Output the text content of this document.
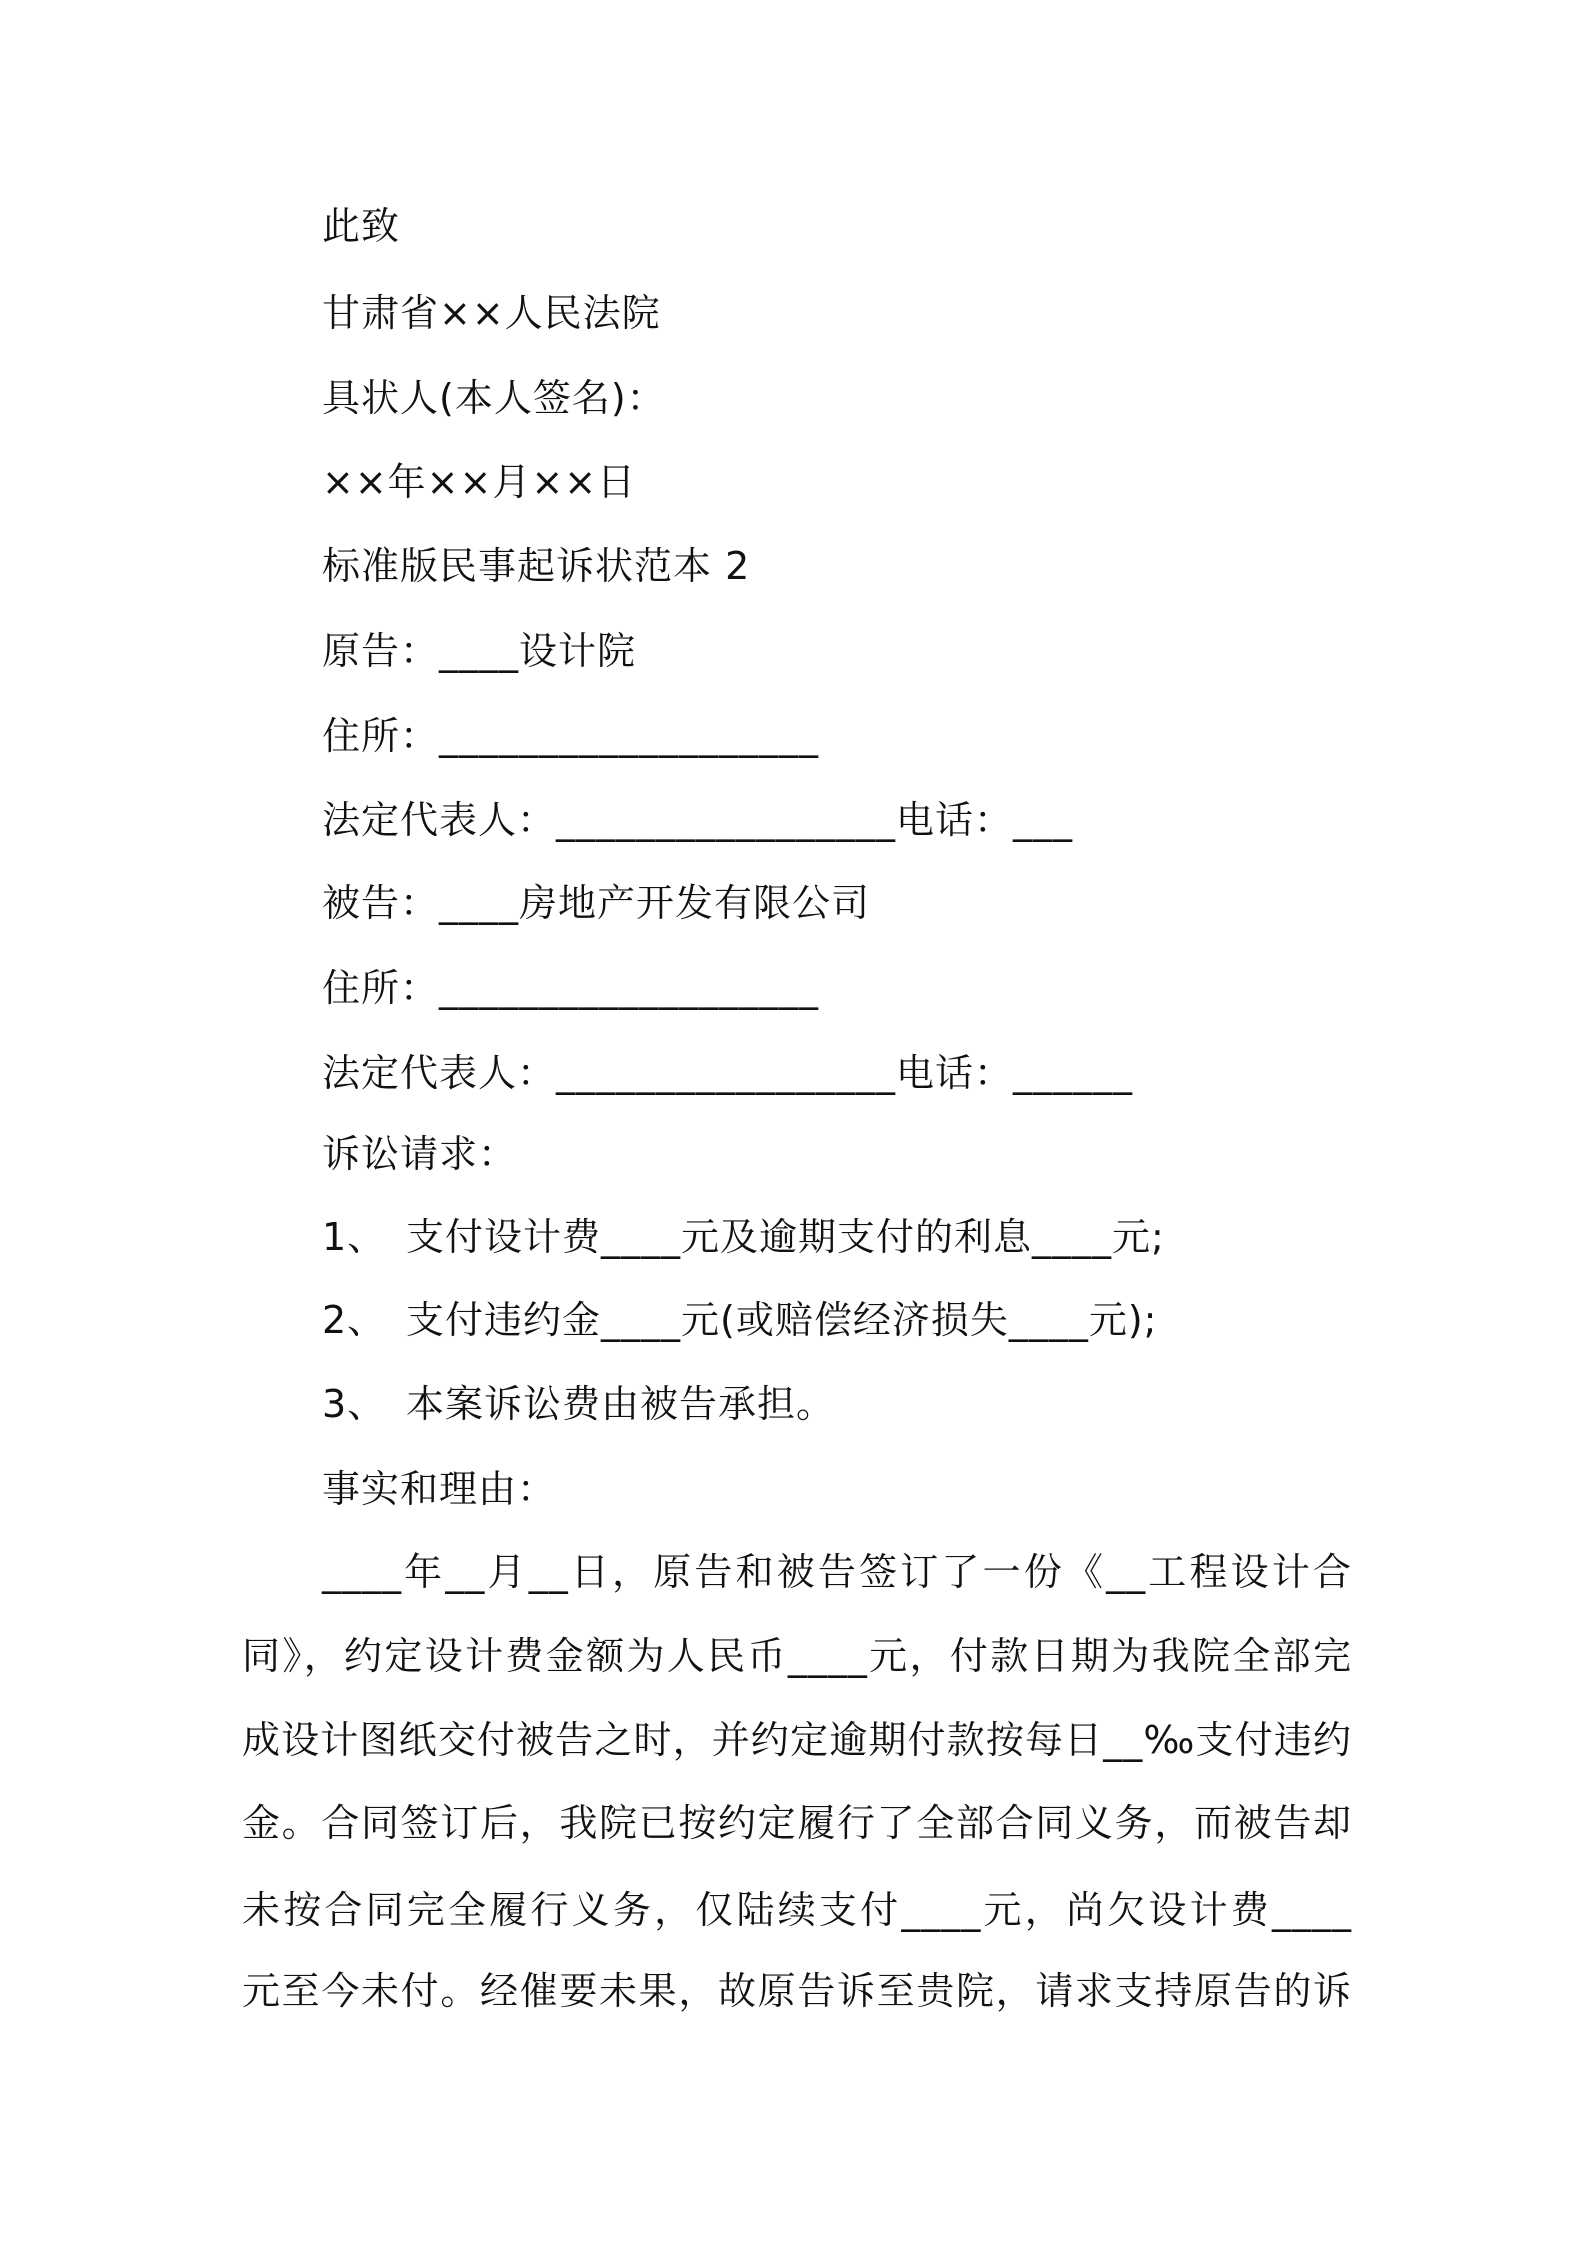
此致
甘肃省××人民法院
具状人(本人签名)：
××年××月××日
标准版民事起诉状范本 2
原告：____设计院
住所：___________________
法定代表人：_________________电话：___
被告：____房地产开发有限公司
住所：___________________
法定代表人：_________________电话：______
诉讼请求：
1、 支付设计费____元及逾期支付的利息____元;
2、 支付违约金____元(或赔偿经济损失____元);
3、 本案诉讼费由被告承担。
事实和理由：
____年__月__日，原告和被告签订了一份《__工程设计合
同》，约定设计费金额为人民币____元，付款日期为我院全部完
成设计图纸交付被告之时，并约定逾期付款按每日__‰支付违约
金。合同签订后，我院已按约定履行了全部合同义务，而被告却
未按合同完全履行义务，仅陆续支付____元，尚欠设计费____
元至今未付。经催要未果，故原告诉至贵院，请求支持原告的诉
